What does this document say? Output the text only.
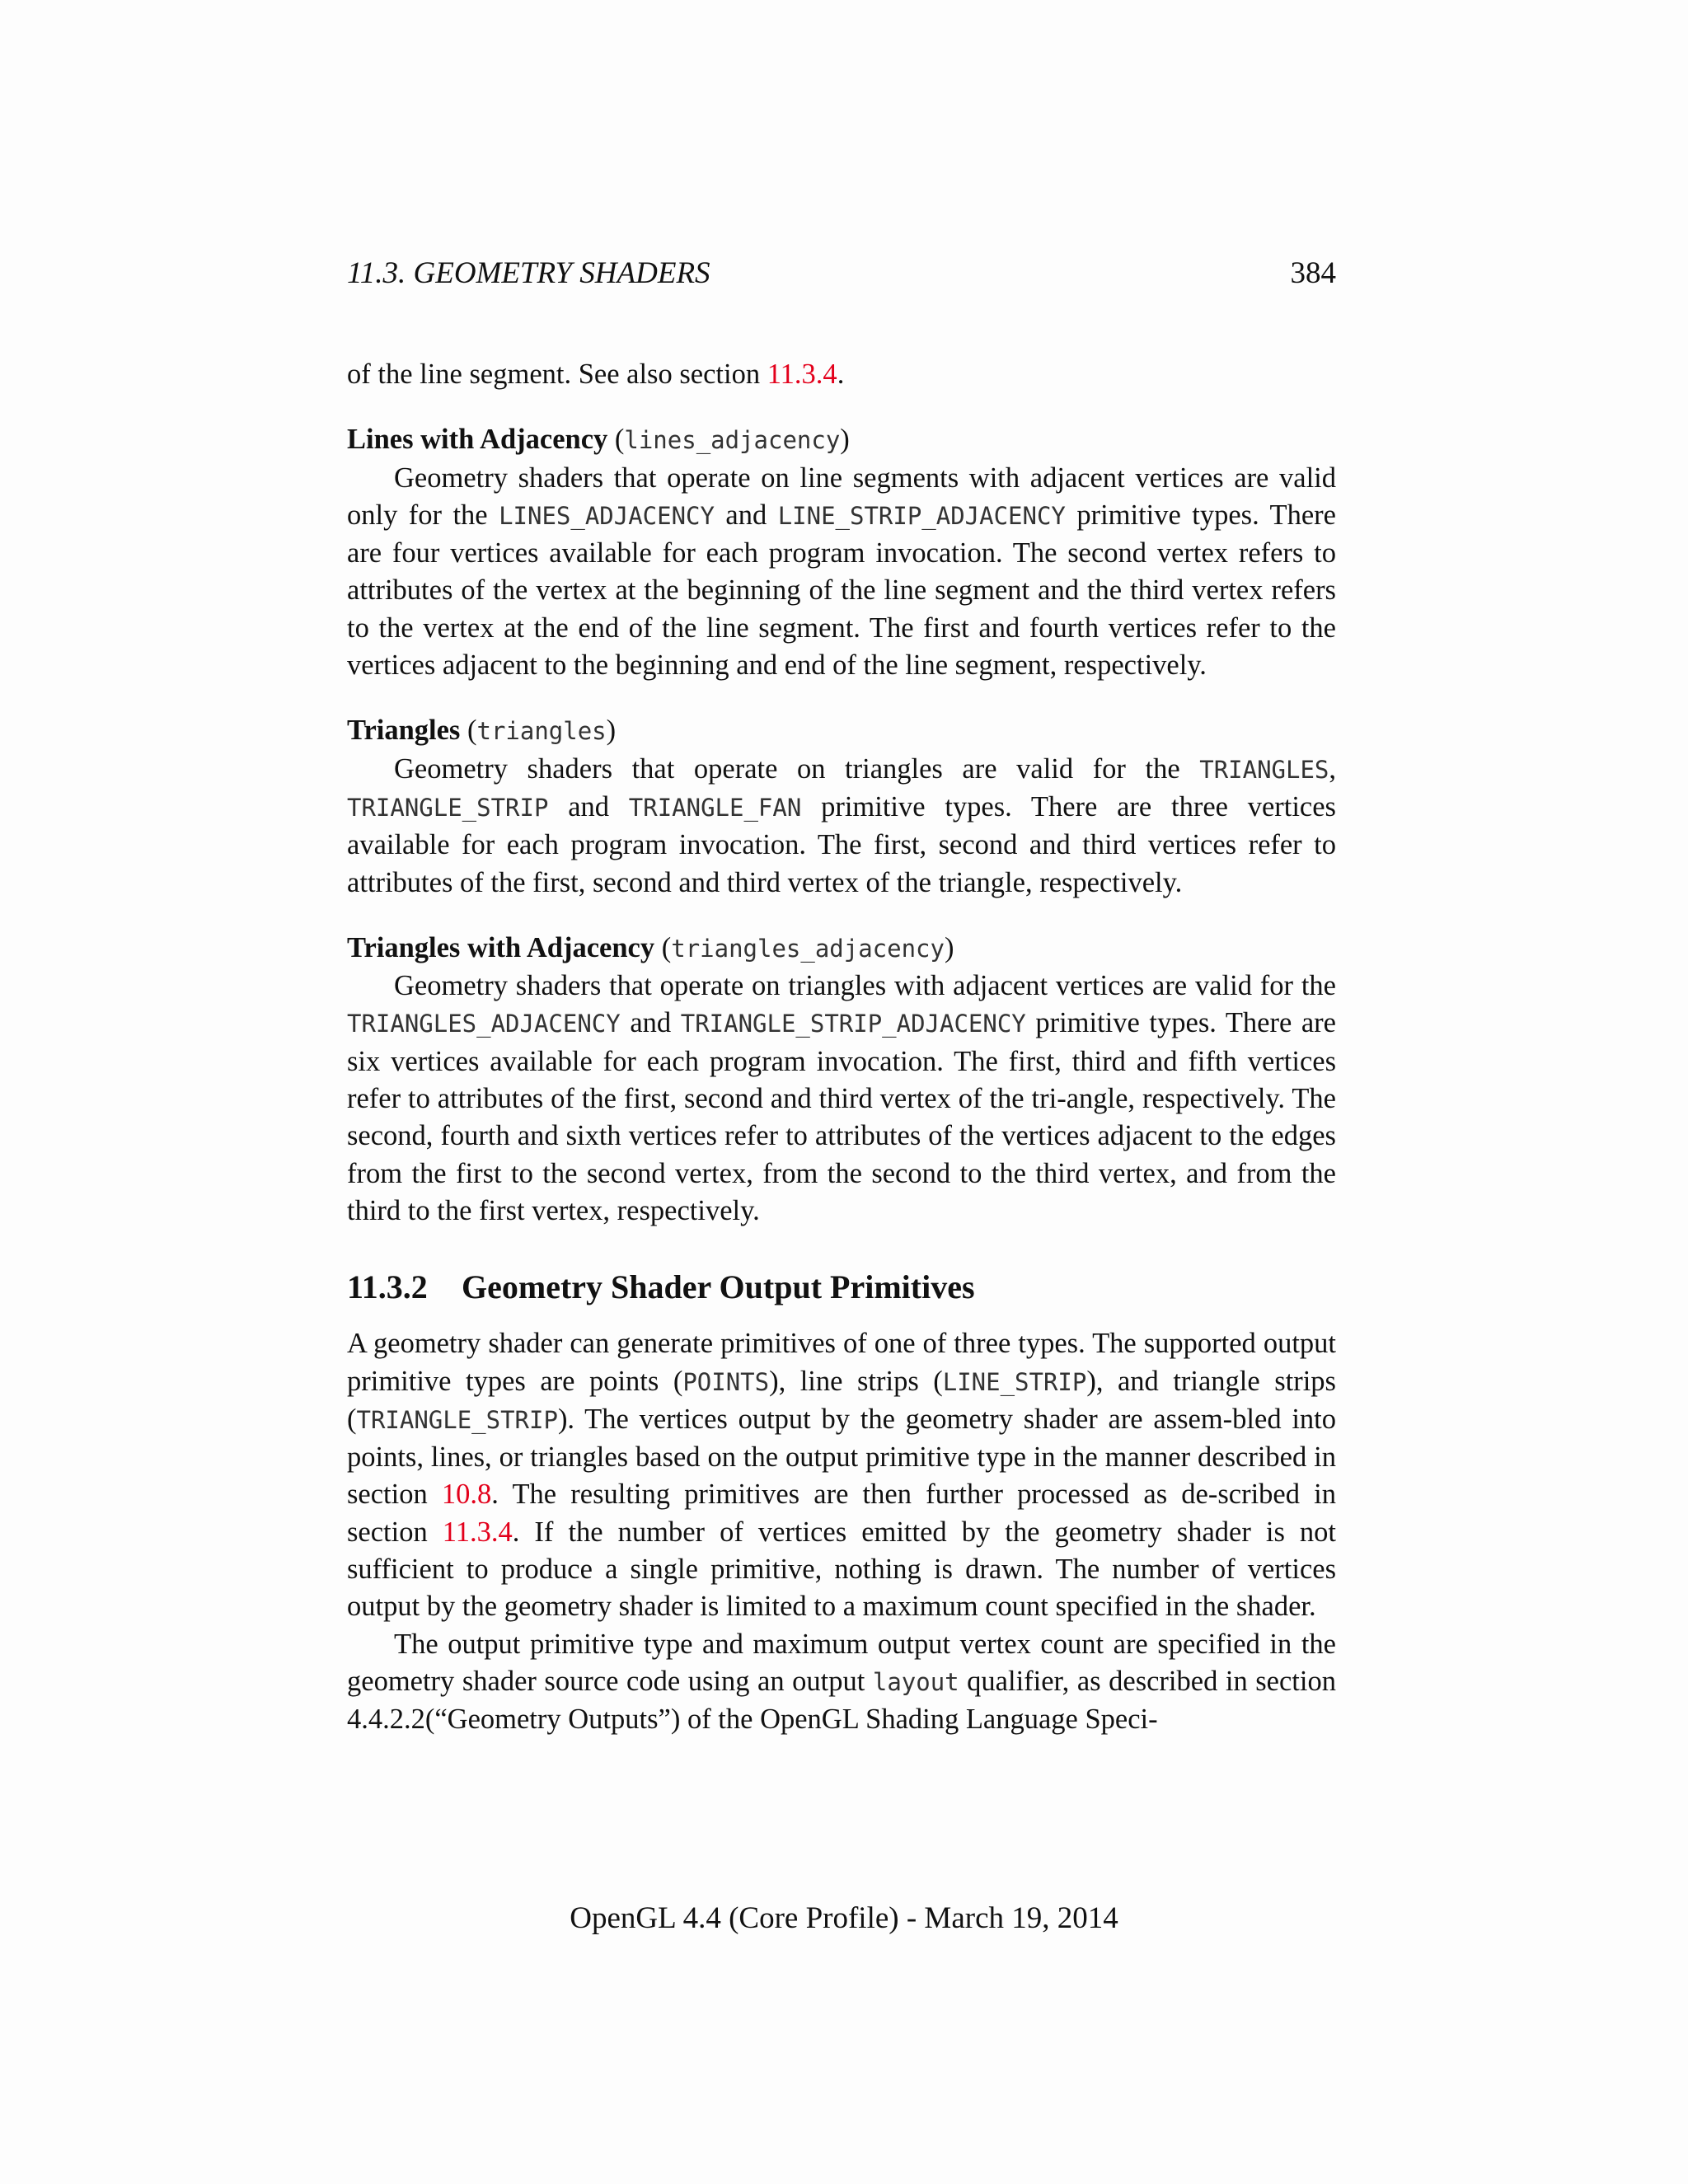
11.3. GEOMETRY SHADERS	384

of the line segment. See also section 11.3.4.

Lines with Adjacency (lines_adjacency)

Geometry shaders that operate on line segments with adjacent vertices are valid only for the LINES_ADJACENCY and LINE_STRIP_ADJACENCY primitive types. There are four vertices available for each program invocation. The second vertex refers to attributes of the vertex at the beginning of the line segment and the third vertex refers to the vertex at the end of the line segment. The first and fourth vertices refer to the vertices adjacent to the beginning and end of the line segment, respectively.

Triangles (triangles)

Geometry shaders that operate on triangles are valid for the TRIANGLES, TRIANGLE_STRIP and TRIANGLE_FAN primitive types. There are three vertices available for each program invocation. The first, second and third vertices refer to attributes of the first, second and third vertex of the triangle, respectively.

Triangles with Adjacency (triangles_adjacency)

Geometry shaders that operate on triangles with adjacent vertices are valid for the TRIANGLES_ADJACENCY and TRIANGLE_STRIP_ADJACENCY primitive types. There are six vertices available for each program invocation. The first, third and fifth vertices refer to attributes of the first, second and third vertex of the tri-angle, respectively. The second, fourth and sixth vertices refer to attributes of the vertices adjacent to the edges from the first to the second vertex, from the second to the third vertex, and from the third to the first vertex, respectively.

11.3.2 Geometry Shader Output Primitives

A geometry shader can generate primitives of one of three types. The supported output primitive types are points (POINTS), line strips (LINE_STRIP), and triangle strips (TRIANGLE_STRIP). The vertices output by the geometry shader are assem-bled into points, lines, or triangles based on the output primitive type in the manner described in section 10.8. The resulting primitives are then further processed as de-scribed in section 11.3.4. If the number of vertices emitted by the geometry shader is not sufficient to produce a single primitive, nothing is drawn. The number of vertices output by the geometry shader is limited to a maximum count specified in the shader.

The output primitive type and maximum output vertex count are specified in the geometry shader source code using an output layout qualifier, as described in section 4.4.2.2(“Geometry Outputs”) of the OpenGL Shading Language Speci-

OpenGL 4.4 (Core Profile) - March 19, 2014
